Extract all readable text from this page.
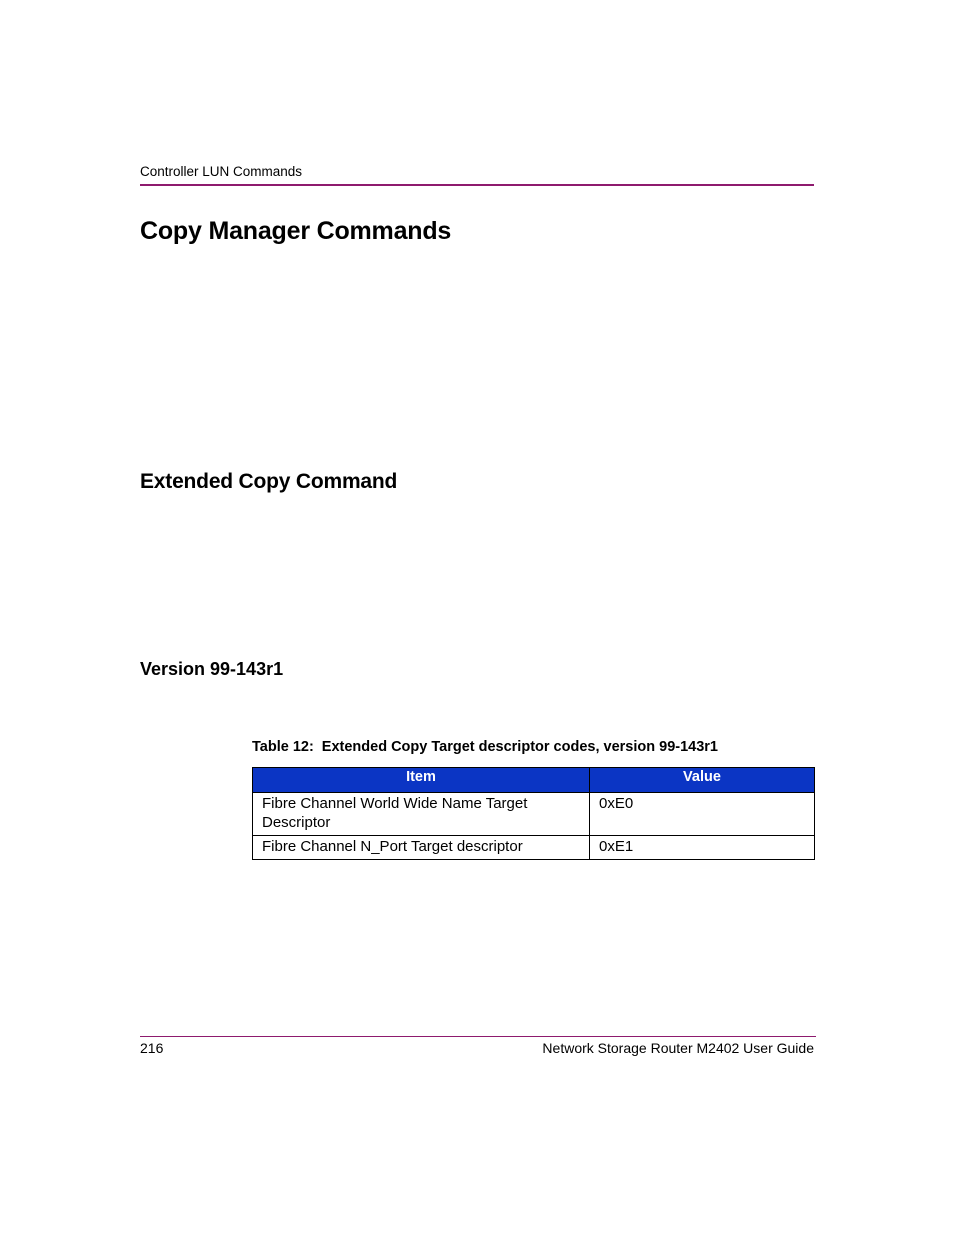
Controller LUN Commands
Copy Manager Commands
Extended Copy Command
Version 99-143r1
Table 12: Extended Copy Target descriptor codes, version 99-143r1
Item	Value
Fibre Channel World Wide Name Target Descriptor	0xE0
Fibre Channel N_Port Target descriptor	0xE1
216	Network Storage Router M2402 User Guide
